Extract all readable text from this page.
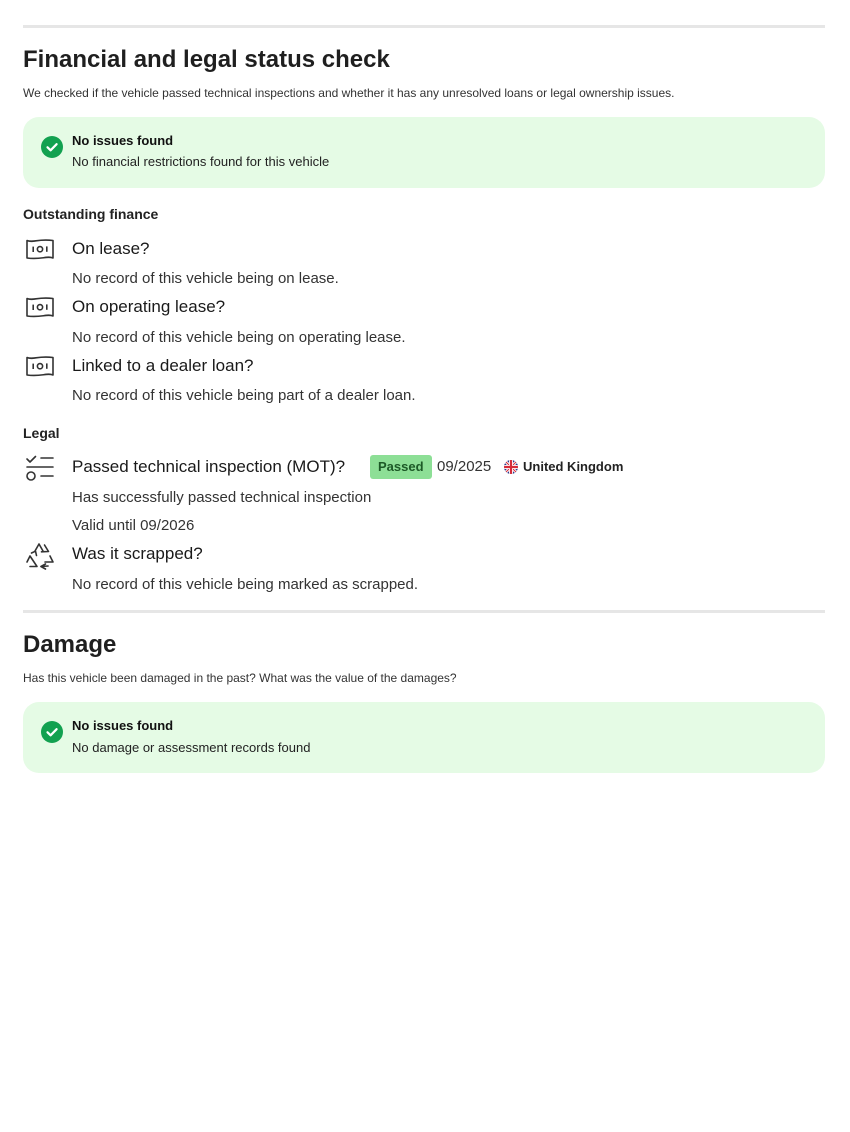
Financial and legal status check

We checked if the vehicle passed technical inspections and whether it has any unresolved loans or legal ownership issues.

No issues found
No financial restrictions found for this vehicle
Outstanding finance
On lease?
No record of this vehicle being on lease.
On operating lease?
No record of this vehicle being on operating lease.
Linked to a dealer loan?
No record of this vehicle being part of a dealer loan.
Legal
Passed technical inspection (MOT)?	Passed 09/2025 United Kingdom
Has successfully passed technical inspection
Valid until 09/2026
Was it scrapped?
No record of this vehicle being marked as scrapped.
Damage

Has this vehicle been damaged in the past? What was the value of the damages?

No issues found
No damage or assessment records found
